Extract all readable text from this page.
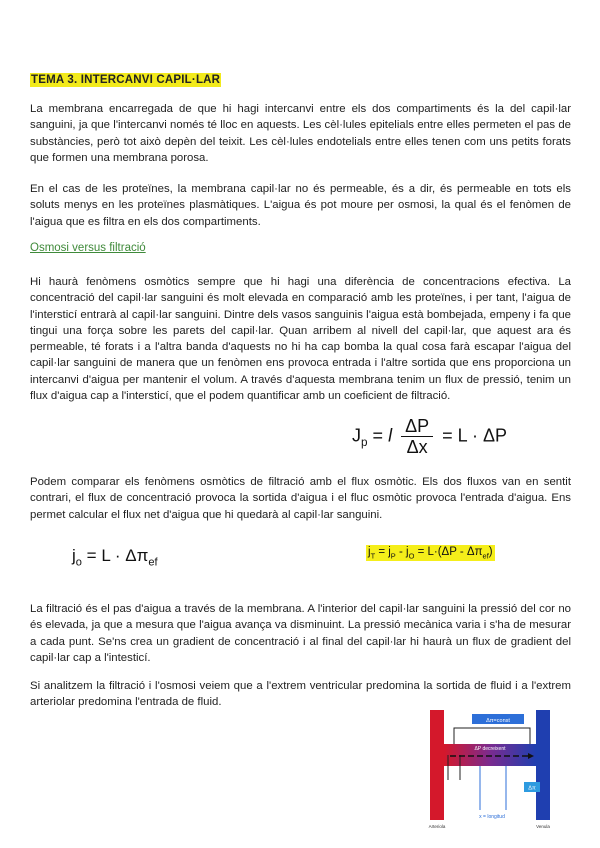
TEMA 3. INTERCANVI CAPIL·LAR

La membrana encarregada de que hi hagi intercanvi entre els dos compartiments és la del capil·lar sanguini, ja que l'intercanvi només té lloc en aquests. Les cèl·lules epitelials entre elles permeten el pas de substàncies, però tot això depèn del teixit. Les cèl·lules endotelials entre elles tenen com uns petits forats que formen una membrana porosa.

En el cas de les proteïnes, la membrana capil·lar no és permeable, és a dir, és permeable en tots els soluts menys en les proteïnes plasmàtiques. L'aigua és pot moure per osmosi, la qual és el fenòmen de l'aigua que es filtra en els dos compartiments.

Osmosi versus filtració

Hi haurà fenòmens osmòtics sempre que hi hagi una diferència de concentracions efectiva. La concentració del capil·lar sanguini és molt elevada en comparació amb les proteïnes, i per tant, l'aigua de l'intersticí entrarà al capil·lar sanguini. Dintre dels vasos sanguinis l'aigua està bombejada, empeny i fa que tingui una força sobre les parets del capil·lar. Quan arribem al nivell del capil·lar, que aquest ara és permeable, té forats i a l'altra banda d'aquests no hi ha cap bomba la qual cosa farà escapar l'aigua del capil·lar sanguini de manera que un fenòmen ens provoca entrada i l'altre sortida que ens proporciona un intercanvi d'aigua per mantenir el volum. A través d'aquesta membrana tenim un flux de pressió, tenim un flux d'aigua cap a l'intersticí, que el podem quantificar amb un coeficient de filtració.

$J_p = l \frac{\Delta P}{\Delta x} = L \cdot \Delta P$

Podem comparar els fenòmens osmòtics de filtració amb el flux osmòtic. Els dos fluxos van en sentit contrari, el flux de concentració provoca la sortida d'aigua i el fluc osmòtic provoca l'entrada d'aigua. Ens permet calcular el flux net d'aigua que hi quedarà al capil·lar sanguini.

$j_o = L \cdot \Delta\pi_{ef}$
$j_T = j_P - j_O = L\cdot(\Delta P - \Delta\pi_{ef})$

La filtració és el pas d'aigua a través de la membrana. A l'interior del capil·lar sanguini la pressió del cor no és elevada, ja que a mesura que l'aigua avança va disminuint. La pressió mecànica varia i s'ha de mesurar a cada punt. Se'ns crea un gradient de concentració i al final del capil·lar hi haurà un flux de gradient del capil·lar cap a l'intesticí.

Si analitzem la filtració i l'osmosi veiem que a l'extrem ventricular predomina la sortida de fluid i a l'extrem arteriolar predomina l'entrada de fluid.

Δπ=const
ΔP decreixent
Δπ
x = longitud
Arteriola	Venula
